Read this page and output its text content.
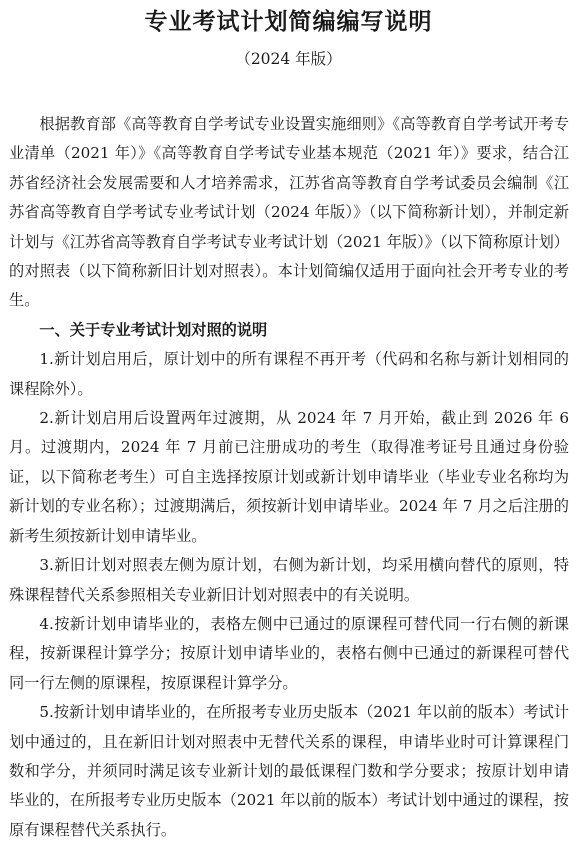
专业考试计划简编编写说明
（2024 年版）

根据教育部《高等教育自学考试专业设置实施细则》《高等教育自学考试开考专业清单（2021 年）》《高等教育自学考试专业基本规范（2021 年）》要求，结合江苏省经济社会发展需要和人才培养需求，江苏省高等教育自学考试委员会编制《江苏省高等教育自学考试专业考试计划（2024 年版）》（以下简称新计划），并制定新计划与《江苏省高等教育自学考试专业考试计划（2021 年版）》（以下简称原计划）的对照表（以下简称新旧计划对照表）。本计划简编仅适用于面向社会开考专业的考生。

一、关于专业考试计划对照的说明

1.新计划启用后，原计划中的所有课程不再开考（代码和名称与新计划相同的课程除外）。

2.新计划启用后设置两年过渡期，从 2024 年 7 月开始，截止到 2026 年 6 月。过渡期内，2024 年 7 月前已注册成功的考生（取得准考证号且通过身份验证，以下简称老考生）可自主选择按原计划或新计划申请毕业（毕业专业名称均为新计划的专业名称）；过渡期满后，须按新计划申请毕业。2024 年 7 月之后注册的新考生须按新计划申请毕业。

3.新旧计划对照表左侧为原计划，右侧为新计划，均采用横向替代的原则，特殊课程替代关系参照相关专业新旧计划对照表中的有关说明。

4.按新计划申请毕业的，表格左侧中已通过的原课程可替代同一行右侧的新课程，按新课程计算学分；按原计划申请毕业的，表格右侧中已通过的新课程可替代同一行左侧的原课程，按原课程计算学分。

5.按新计划申请毕业的，在所报考专业历史版本（2021 年以前的版本）考试计划中通过的，且在新旧计划对照表中无替代关系的课程，申请毕业时可计算课程门数和学分，并须同时满足该专业新计划的最低课程门数和学分要求；按原计划申请毕业的，在所报考专业历史版本（2021 年以前的版本）考试计划中通过的课程，按原有课程替代关系执行。
